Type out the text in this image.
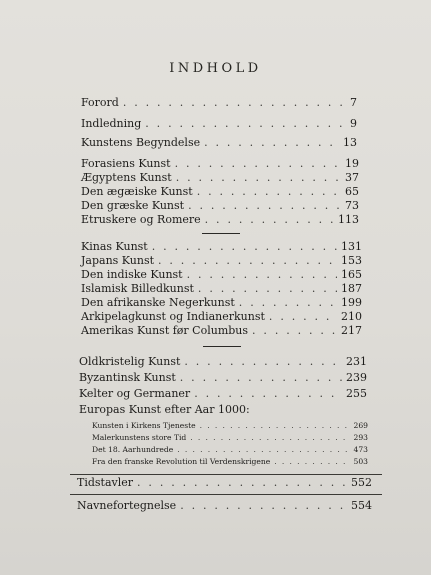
INDHOLD
Forord . . .	7
Indledning . . .	9
Kunstens Begyndelse . . .	13
Forasiens Kunst . . .	19
Ægyptens Kunst . . .	37
Den ægæiske Kunst . . .	65
Den græske Kunst . . .	73
Etruskere og Romere . . .	113
Kinas Kunst . . .	131
Japans Kunst . . .	153
Den indiske Kunst . . .	165
Islamisk Billedkunst . . .	187
Den afrikanske Negerkunst . . .	199
Arkipelagkunst og Indianerkunst . . .	210
Amerikas Kunst før Columbus . . .	217
Oldkristelig Kunst . . .	231
Byzantinsk Kunst . . .	239
Kelter og Germaner . . .	255
Europas Kunst efter Aar 1000:
Kunsten i Kirkens Tjeneste . . .	269
Malerkunstens store Tid . . .	293
Det 18. Aarhundrede . . .	473
Fra den franske Revolution til Verdenskrigene . . .	503
Tidstavler . . .	552
Navnefortegnelse . . .	554
